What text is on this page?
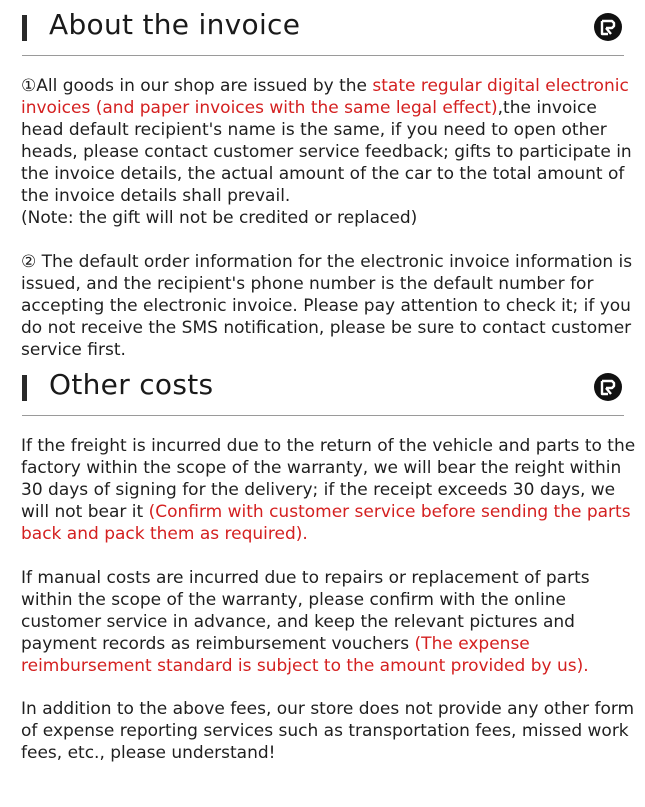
About the invoice

①All goods in our shop are issued by the state regular digital electronic invoices (and paper invoices with the same legal effect),the invoice head default recipient's name is the same, if you need to open other heads, please contact customer service feedback; gifts to participate in the invoice details, the actual amount of the car to the total amount of the invoice details shall prevail.

(Note: the gift will not be credited or replaced)

② The default order information for the electronic invoice information is issued, and the recipient's phone number is the default number for accepting the electronic invoice. Please pay attention to check it; if you do not receive the SMS notification, please be sure to contact customer service first.

Other costs

If the freight is incurred due to the return of the vehicle and parts to the factory within the scope of the warranty, we will bear the reight within 30 days of signing for the delivery; if the receipt exceeds 30 days, we will not bear it (Confirm with customer service before sending the parts back and pack them as required).

If manual costs are incurred due to repairs or replacement of parts within the scope of the warranty, please confirm with the online customer service in advance, and keep the relevant pictures and payment records as reimbursement vouchers (The expense reimbursement standard is subject to the amount provided by us).

In addition to the above fees, our store does not provide any other form of expense reporting services such as transportation fees, missed work fees, etc., please understand!
